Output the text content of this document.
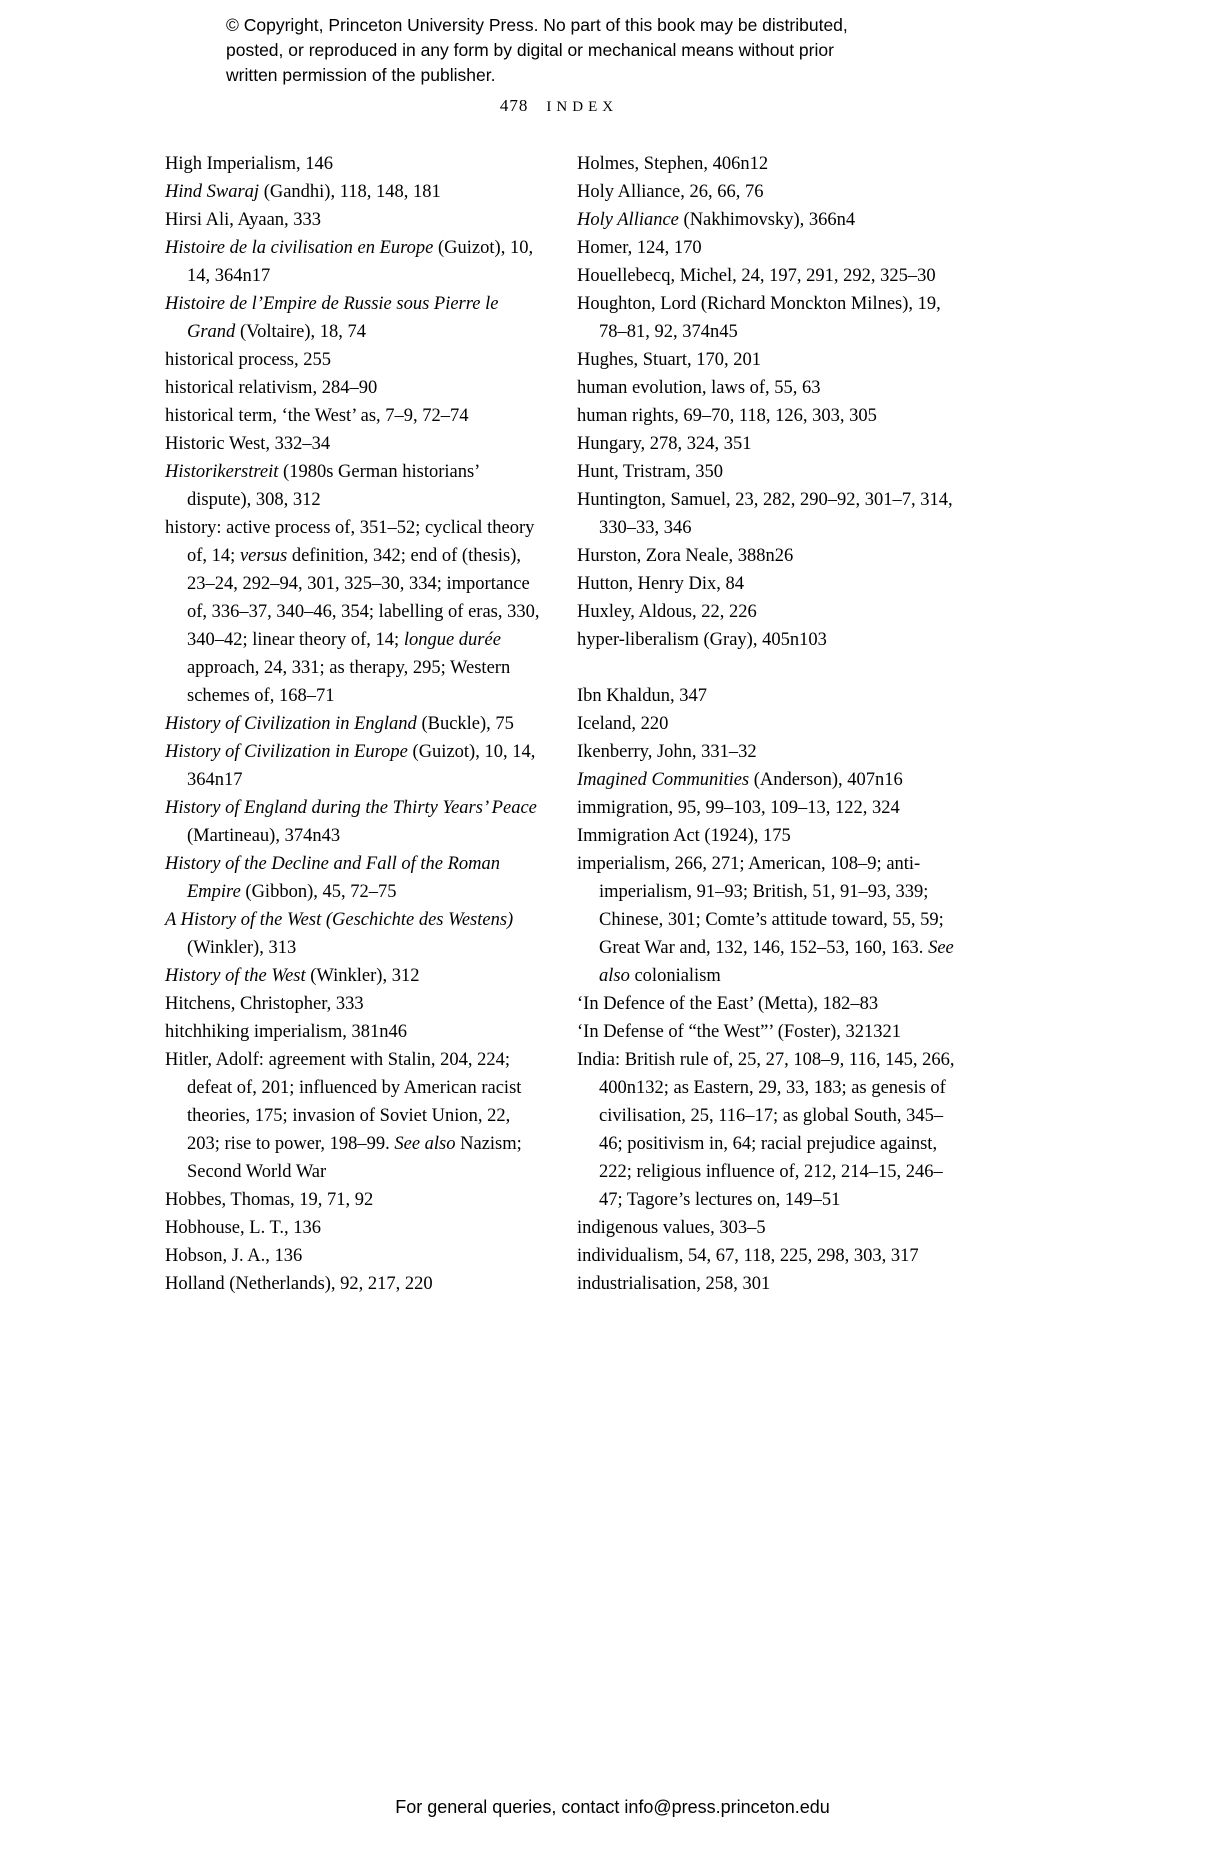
© Copyright, Princeton University Press. No part of this book may be distributed, posted, or reproduced in any form by digital or mechanical means without prior written permission of the publisher.
478 INDEX
High Imperialism, 146
Hind Swaraj (Gandhi), 118, 148, 181
Hirsi Ali, Ayaan, 333
Histoire de la civilisation en Europe (Guizot), 10, 14, 364n17
Histoire de l’Empire de Russie sous Pierre le Grand (Voltaire), 18, 74
historical process, 255
historical relativism, 284–90
historical term, ‘the West’ as, 7–9, 72–74
Historic West, 332–34
Historikerstreit (1980s German historians’ dispute), 308, 312
history: active process of, 351–52; cyclical theory of, 14; versus definition, 342; end of (thesis), 23–24, 292–94, 301, 325–30, 334; importance of, 336–37, 340–46, 354; labelling of eras, 330, 340–42; linear theory of, 14; longue durée approach, 24, 331; as therapy, 295; Western schemes of, 168–71
History of Civilization in England (Buckle), 75
History of Civilization in Europe (Guizot), 10, 14, 364n17
History of England during the Thirty Years’ Peace (Martineau), 374n43
History of the Decline and Fall of the Roman Empire (Gibbon), 45, 72–75
A History of the West (Geschichte des Westens) (Winkler), 313
History of the West (Winkler), 312
Hitchens, Christopher, 333
hitchhiking imperialism, 381n46
Hitler, Adolf: agreement with Stalin, 204, 224; defeat of, 201; influenced by American racist theories, 175; invasion of Soviet Union, 22, 203; rise to power, 198–99. See also Nazism; Second World War
Hobbes, Thomas, 19, 71, 92
Hobhouse, L. T., 136
Hobson, J. A., 136
Holland (Netherlands), 92, 217, 220
Holmes, Stephen, 406n12
Holy Alliance, 26, 66, 76
Holy Alliance (Nakhimovsky), 366n4
Homer, 124, 170
Houellebecq, Michel, 24, 197, 291, 292, 325–30
Houghton, Lord (Richard Monckton Milnes), 19, 78–81, 92, 374n45
Hughes, Stuart, 170, 201
human evolution, laws of, 55, 63
human rights, 69–70, 118, 126, 303, 305
Hungary, 278, 324, 351
Hunt, Tristram, 350
Huntington, Samuel, 23, 282, 290–92, 301–7, 314, 330–33, 346
Hurston, Zora Neale, 388n26
Hutton, Henry Dix, 84
Huxley, Aldous, 22, 226
hyper-liberalism (Gray), 405n103
Ibn Khaldun, 347
Iceland, 220
Ikenberry, John, 331–32
Imagined Communities (Anderson), 407n16
immigration, 95, 99–103, 109–13, 122, 324
Immigration Act (1924), 175
imperialism, 266, 271; American, 108–9; anti-imperialism, 91–93; British, 51, 91–93, 339; Chinese, 301; Comte’s attitude toward, 55, 59; Great War and, 132, 146, 152–53, 160, 163. See also colonialism
‘In Defence of the East’ (Metta), 182–83
‘In Defense of “the West”’ (Foster), 321321
India: British rule of, 25, 27, 108–9, 116, 145, 266, 400n132; as Eastern, 29, 33, 183; as genesis of civilisation, 25, 116–17; as global South, 345–46; positivism in, 64; racial prejudice against, 222; religious influence of, 212, 214–15, 246–47; Tagore’s lectures on, 149–51
indigenous values, 303–5
individualism, 54, 67, 118, 225, 298, 303, 317
industrialisation, 258, 301
For general queries, contact info@press.princeton.edu
